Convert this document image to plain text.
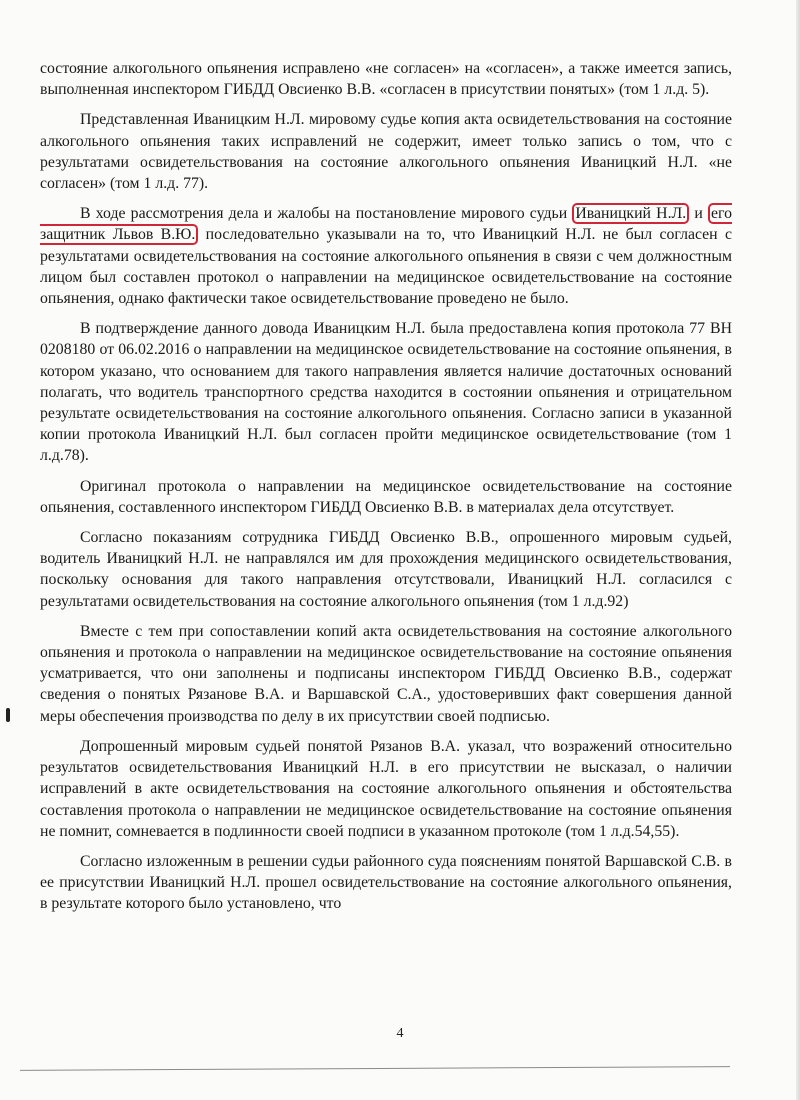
состояние алкогольного опьянения исправлено «не согласен» на «согласен», а также имеется запись, выполненная инспектором ГИБДД Овсиенко В.В. «согласен в присутствии понятых» (том 1 л.д. 5).

Представленная Иваницким Н.Л. мировому судье копия акта освидетельствования на состояние алкогольного опьянения таких исправлений не содержит, имеет только запись о том, что с результатами освидетельствования на состояние алкогольного опьянения Иваницкий Н.Л. «не согласен» (том 1 л.д. 77).

В ходе рассмотрения дела и жалобы на постановление мирового судьи Иваницкий Н.Л. и его защитник Львов В.Ю. последовательно указывали на то, что Иваницкий Н.Л. не был согласен с результатами освидетельствования на состояние алкогольного опьянения в связи с чем должностным лицом был составлен протокол о направлении на медицинское освидетельствование на состояние опьянения, однако фактически такое освидетельствование проведено не было.

В подтверждение данного довода Иваницким Н.Л. была предоставлена копия протокола 77 ВН 0208180 от 06.02.2016 о направлении на медицинское освидетельствование на состояние опьянения, в котором указано, что основанием для такого направления является наличие достаточных оснований полагать, что водитель транспортного средства находится в состоянии опьянения и отрицательном результате освидетельствования на состояние алкогольного опьянения. Согласно записи в указанной копии протокола Иваницкий Н.Л. был согласен пройти медицинское освидетельствование (том 1 л.д.78).

Оригинал протокола о направлении на медицинское освидетельствование на состояние опьянения, составленного инспектором ГИБДД Овсиенко В.В. в материалах дела отсутствует.

Согласно показаниям сотрудника ГИБДД Овсиенко В.В., опрошенного мировым судьей, водитель Иваницкий Н.Л. не направлялся им для прохождения медицинского освидетельствования, поскольку основания для такого направления отсутствовали, Иваницкий Н.Л. согласился с результатами освидетельствования на состояние алкогольного опьянения (том 1 л.д.92)

Вместе с тем при сопоставлении копий акта освидетельствования на состояние алкогольного опьянения и протокола о направлении на медицинское освидетельствование на состояние опьянения усматривается, что они заполнены и подписаны инспектором ГИБДД Овсиенко В.В., содержат сведения о понятых Рязанове В.А. и Варшавской С.А., удостоверивших факт совершения данной меры обеспечения производства по делу в их присутствии своей подписью.

Допрошенный мировым судьей понятой Рязанов В.А. указал, что возражений относительно результатов освидетельствования Иваницкий Н.Л. в его присутствии не высказал, о наличии исправлений в акте освидетельствования на состояние алкогольного опьянения и обстоятельства составления протокола о направлении не медицинское освидетельствование на состояние опьянения не помнит, сомневается в подлинности своей подписи в указанном протоколе (том 1 л.д.54,55).

Согласно изложенным в решении судьи районного суда пояснениям понятой Варшавской С.В. в ее присутствии Иваницкий Н.Л. прошел освидетельствование на состояние алкогольного опьянения, в результате которого было установлено, что

4
